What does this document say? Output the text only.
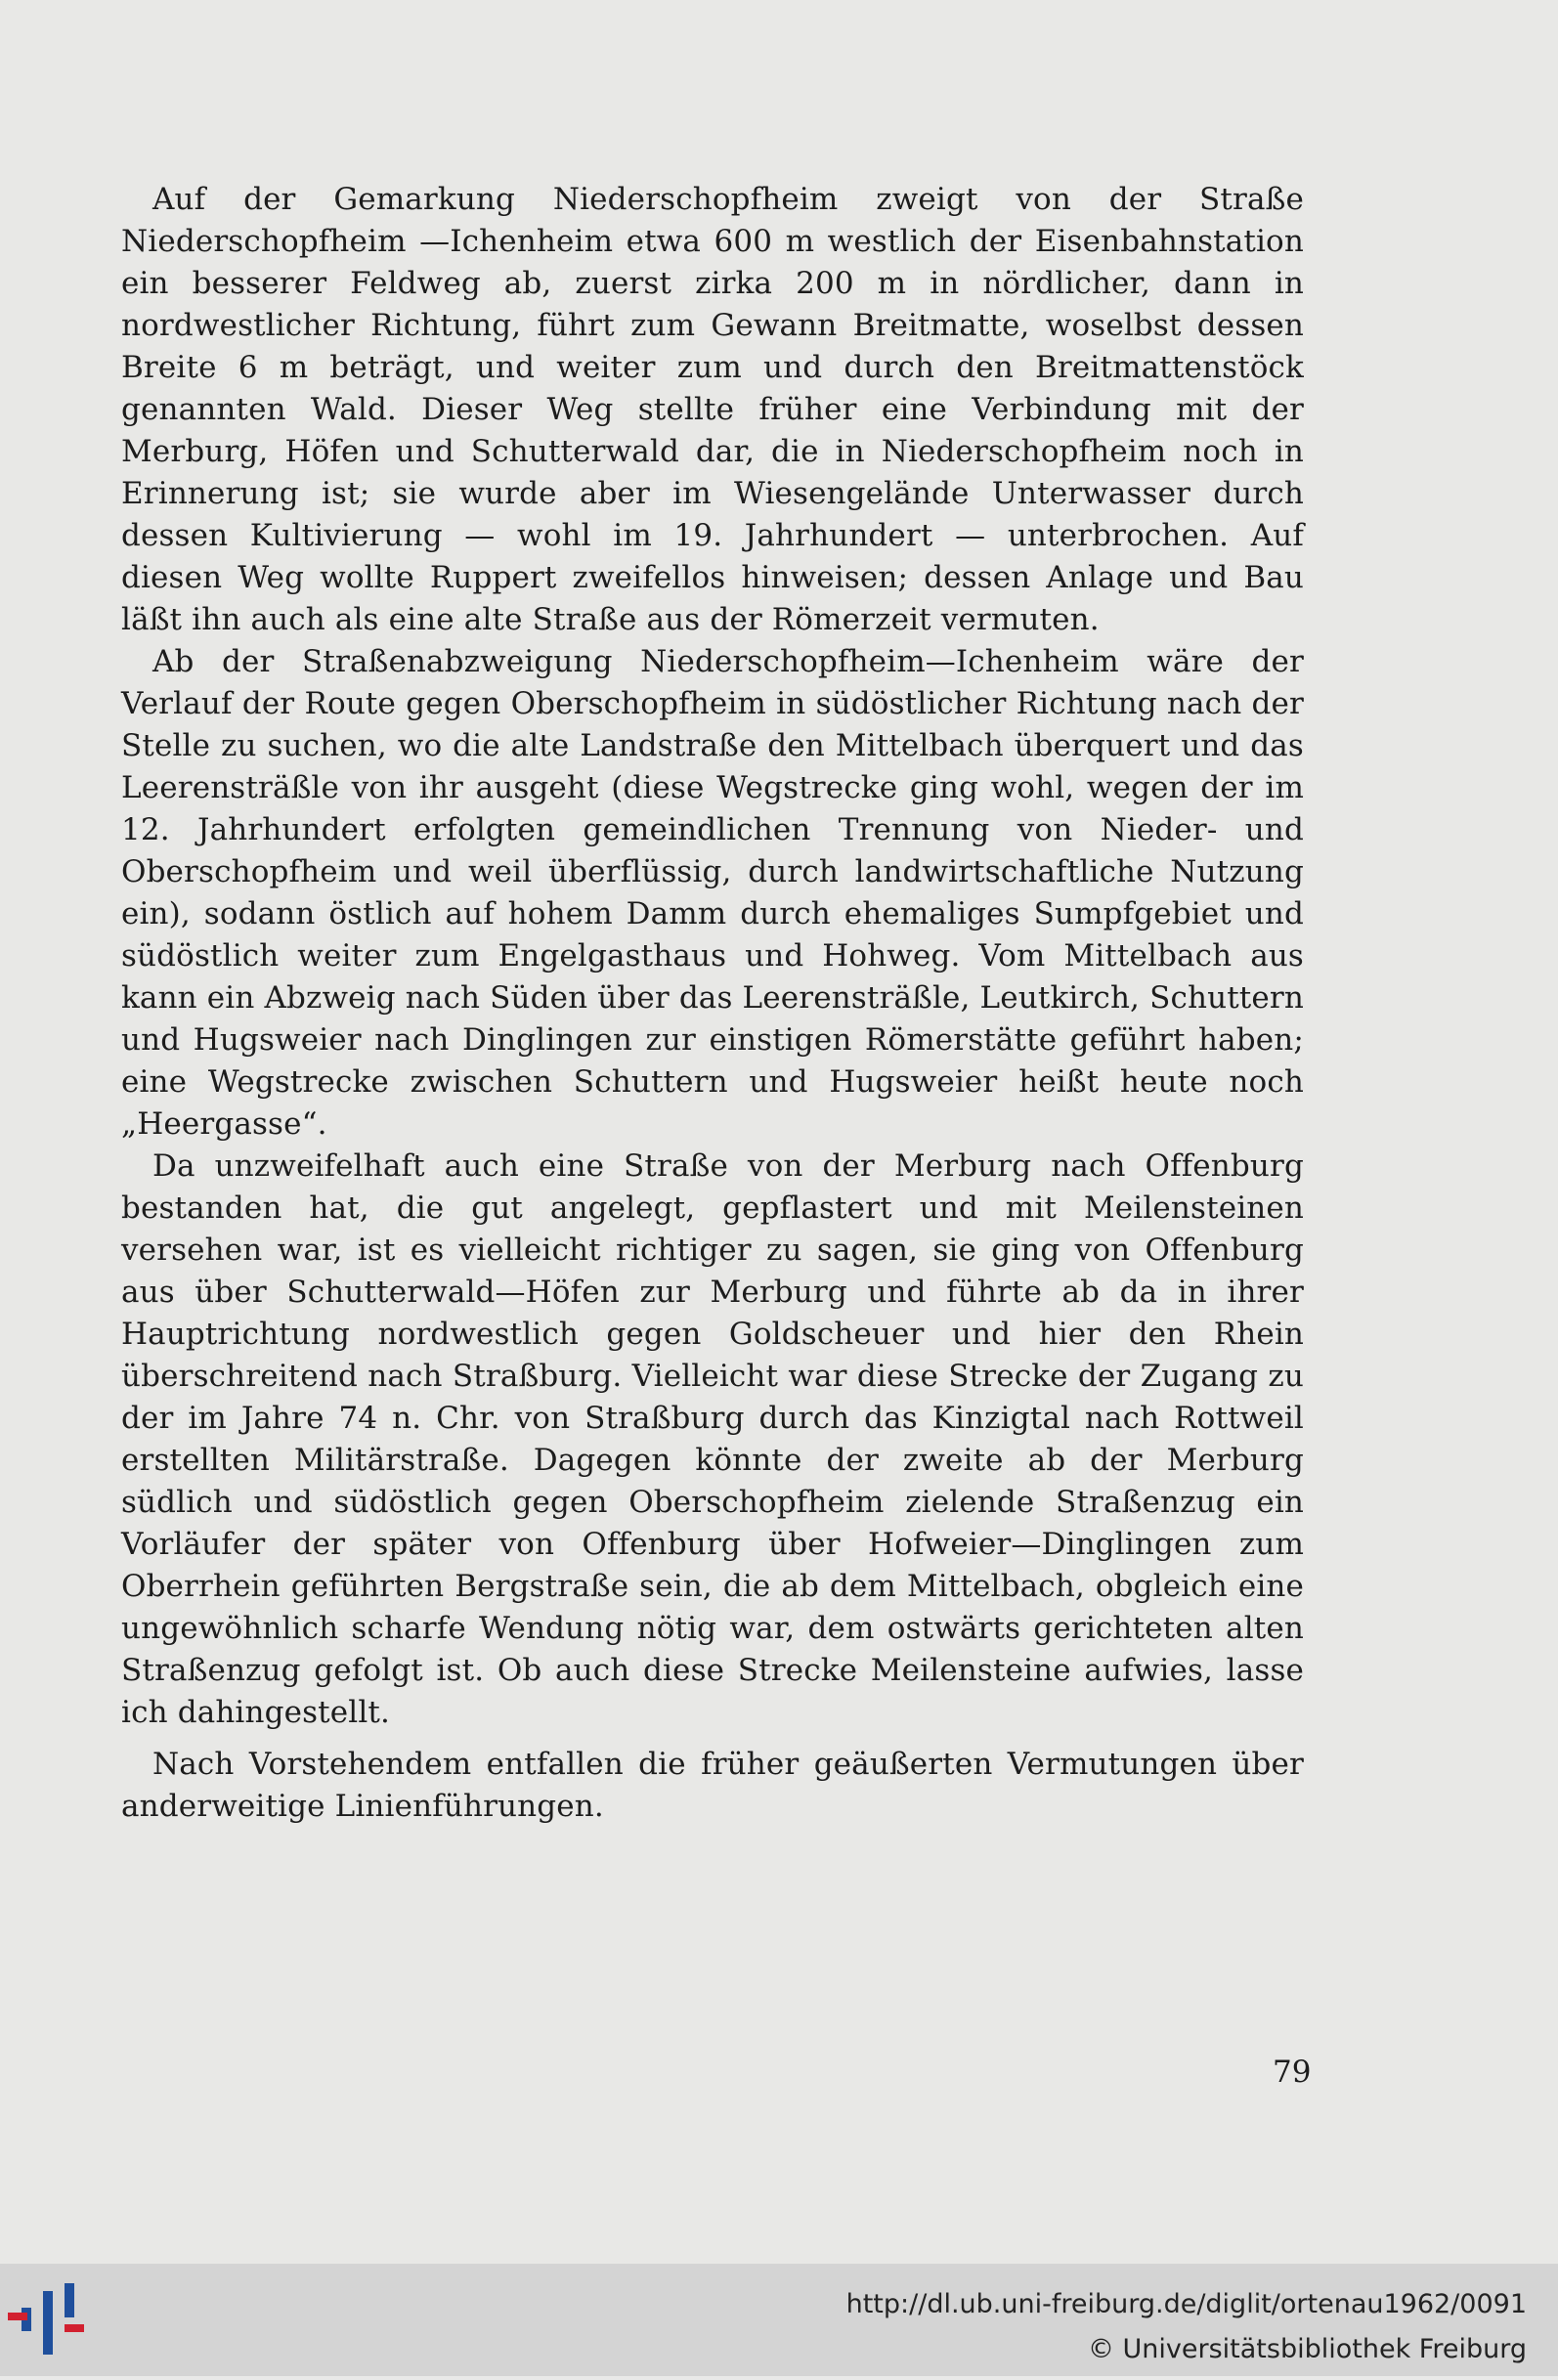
Auf der Gemarkung Niederschopfheim zweigt von der Straße Niederschopfheim —Ichenheim etwa 600 m westlich der Eisenbahnstation ein besserer Feldweg ab, zuerst zirka 200 m in nördlicher, dann in nordwestlicher Richtung, führt zum Gewann Breitmatte, woselbst dessen Breite 6 m beträgt, und weiter zum und durch den Breitmattenstöck genannten Wald. Dieser Weg stellte früher eine Verbindung mit der Merburg, Höfen und Schutterwald dar, die in Niederschopfheim noch in Erinnerung ist; sie wurde aber im Wiesengelände Unterwasser durch dessen Kultivierung — wohl im 19. Jahrhundert — unterbrochen. Auf diesen Weg wollte Ruppert zweifellos hinweisen; dessen Anlage und Bau läßt ihn auch als eine alte Straße aus der Römerzeit vermuten.

Ab der Straßenabzweigung Niederschopfheim—Ichenheim wäre der Verlauf der Route gegen Oberschopfheim in südöstlicher Richtung nach der Stelle zu suchen, wo die alte Landstraße den Mittelbach überquert und das Leerensträßle von ihr ausgeht (diese Wegstrecke ging wohl, wegen der im 12. Jahrhundert erfolgten gemeindlichen Trennung von Nieder- und Oberschopfheim und weil überflüssig, durch landwirtschaftliche Nutzung ein), sodann östlich auf hohem Damm durch ehemaliges Sumpfgebiet und südöstlich weiter zum Engelgasthaus und Hohweg. Vom Mittelbach aus kann ein Abzweig nach Süden über das Leerensträßle, Leutkirch, Schuttern und Hugsweier nach Dinglingen zur einstigen Römerstätte geführt haben; eine Wegstrecke zwischen Schuttern und Hugsweier heißt heute noch „Heergasse“.

Da unzweifelhaft auch eine Straße von der Merburg nach Offenburg bestanden hat, die gut angelegt, gepflastert und mit Meilensteinen versehen war, ist es vielleicht richtiger zu sagen, sie ging von Offenburg aus über Schutterwald—Höfen zur Merburg und führte ab da in ihrer Hauptrichtung nordwestlich gegen Goldscheuer und hier den Rhein überschreitend nach Straßburg. Vielleicht war diese Strecke der Zugang zu der im Jahre 74 n. Chr. von Straßburg durch das Kinzigtal nach Rottweil erstellten Militärstraße. Dagegen könnte der zweite ab der Merburg südlich und südöstlich gegen Oberschopfheim zielende Straßenzug ein Vorläufer der später von Offenburg über Hofweier—Dinglingen zum Oberrhein geführten Bergstraße sein, die ab dem Mittelbach, obgleich eine ungewöhnlich scharfe Wendung nötig war, dem ostwärts gerichteten alten Straßenzug gefolgt ist. Ob auch diese Strecke Meilensteine aufwies, lasse ich dahingestellt.

Nach Vorstehendem entfallen die früher geäußerten Vermutungen über anderweitige Linienführungen.

79
http://dl.ub.uni-freiburg.de/diglit/ortenau1962/0091
© Universitätsbibliothek Freiburg
